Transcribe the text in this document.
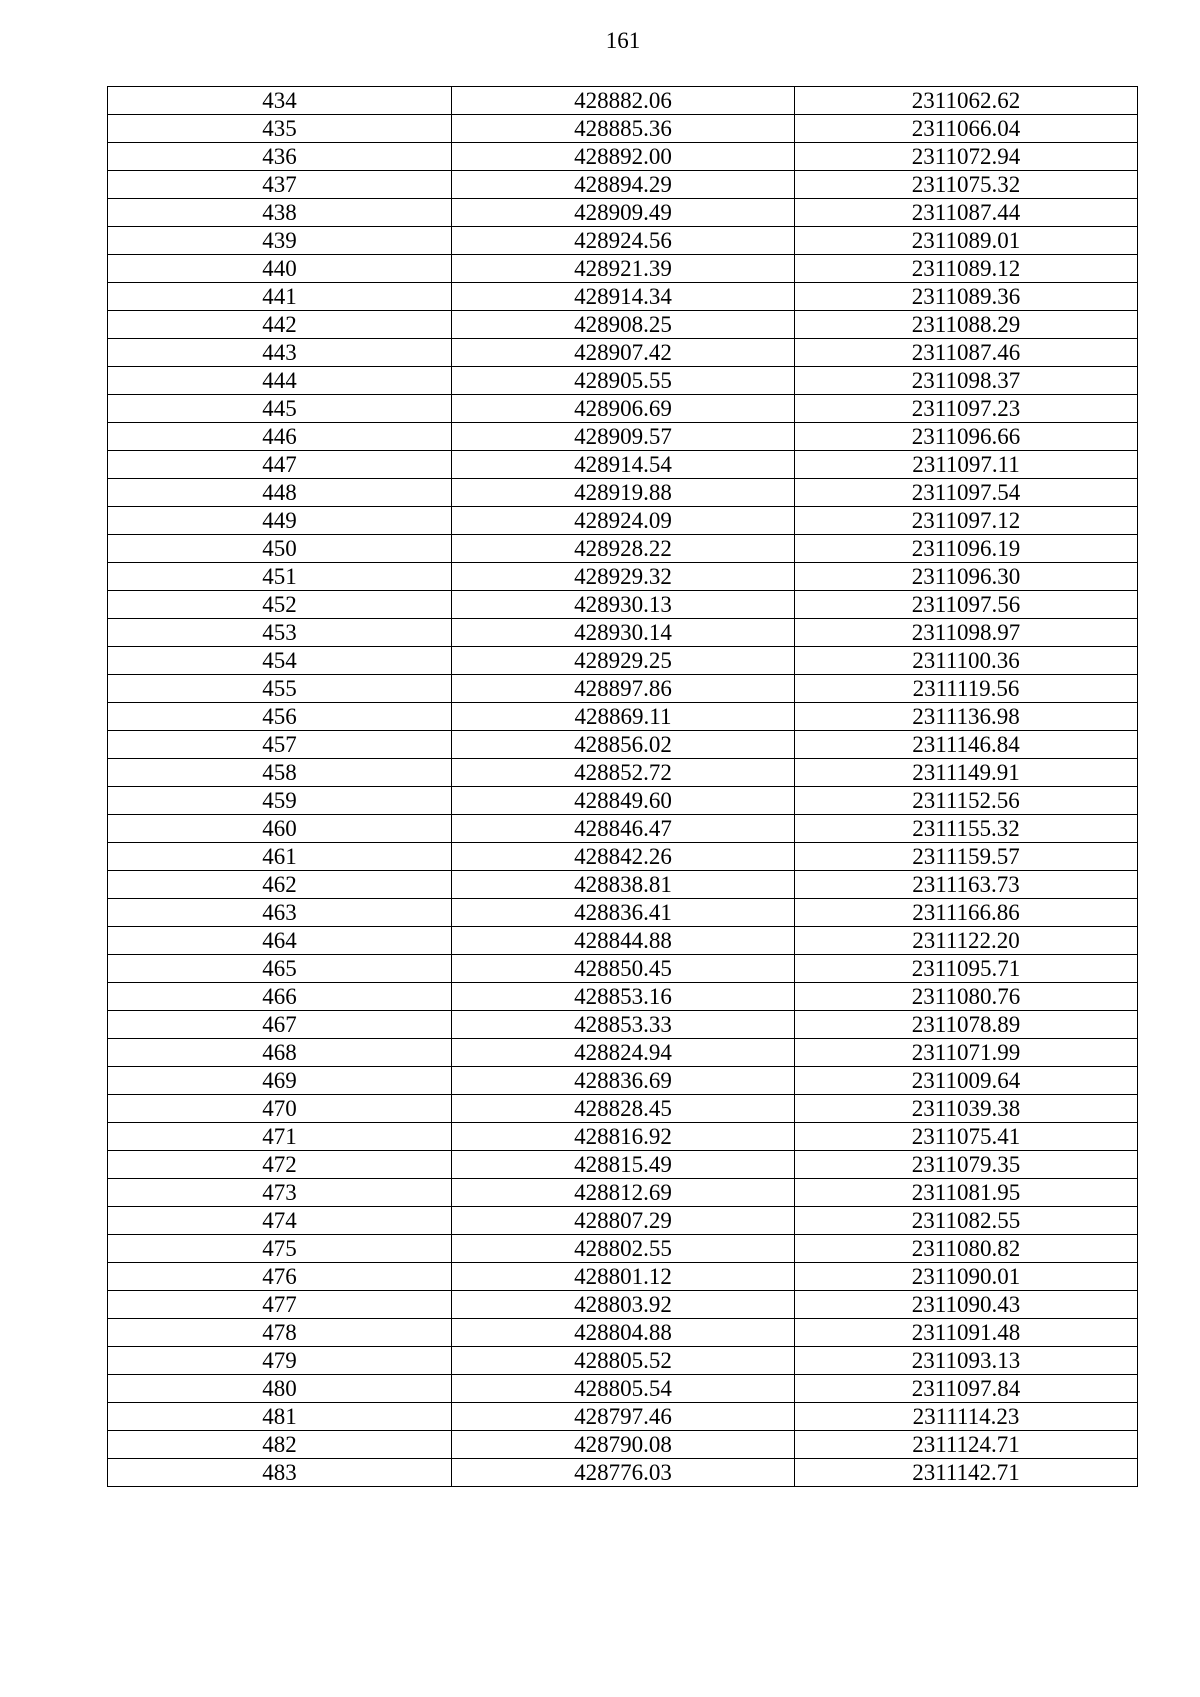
161
434	428882.06	2311062.62
435	428885.36	2311066.04
436	428892.00	2311072.94
437	428894.29	2311075.32
438	428909.49	2311087.44
439	428924.56	2311089.01
440	428921.39	2311089.12
441	428914.34	2311089.36
442	428908.25	2311088.29
443	428907.42	2311087.46
444	428905.55	2311098.37
445	428906.69	2311097.23
446	428909.57	2311096.66
447	428914.54	2311097.11
448	428919.88	2311097.54
449	428924.09	2311097.12
450	428928.22	2311096.19
451	428929.32	2311096.30
452	428930.13	2311097.56
453	428930.14	2311098.97
454	428929.25	2311100.36
455	428897.86	2311119.56
456	428869.11	2311136.98
457	428856.02	2311146.84
458	428852.72	2311149.91
459	428849.60	2311152.56
460	428846.47	2311155.32
461	428842.26	2311159.57
462	428838.81	2311163.73
463	428836.41	2311166.86
464	428844.88	2311122.20
465	428850.45	2311095.71
466	428853.16	2311080.76
467	428853.33	2311078.89
468	428824.94	2311071.99
469	428836.69	2311009.64
470	428828.45	2311039.38
471	428816.92	2311075.41
472	428815.49	2311079.35
473	428812.69	2311081.95
474	428807.29	2311082.55
475	428802.55	2311080.82
476	428801.12	2311090.01
477	428803.92	2311090.43
478	428804.88	2311091.48
479	428805.52	2311093.13
480	428805.54	2311097.84
481	428797.46	2311114.23
482	428790.08	2311124.71
483	428776.03	2311142.71
